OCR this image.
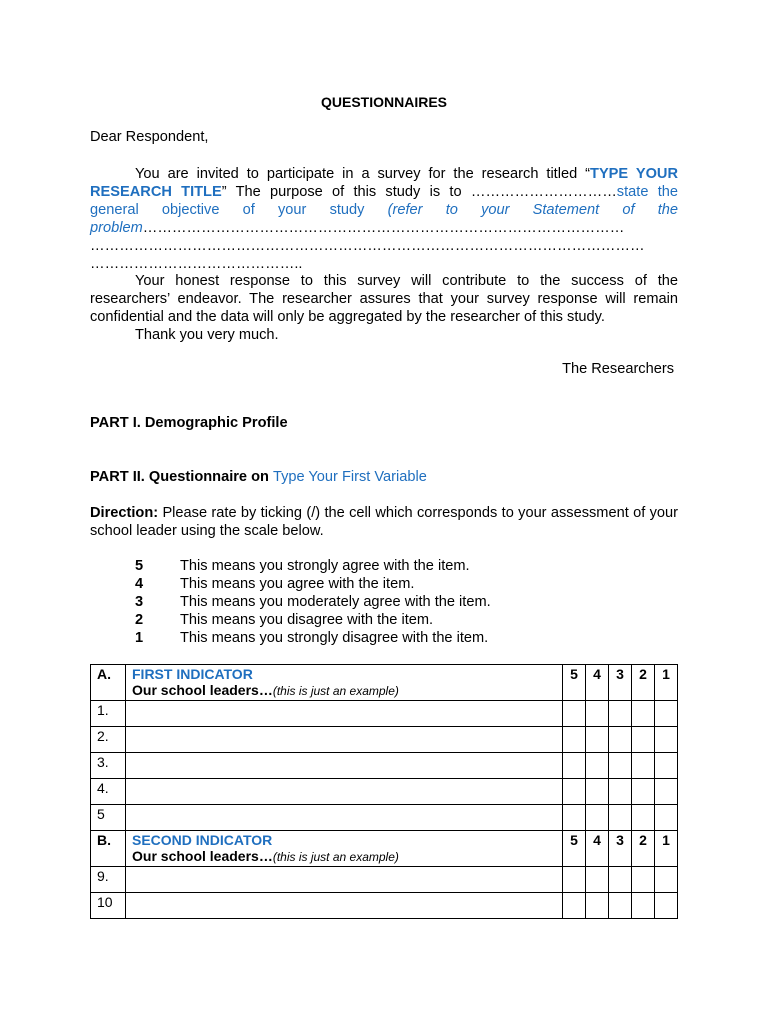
QUESTIONNAIRES
Dear Respondent,
You are invited to participate in a survey for the research titled “TYPE YOUR RESEARCH TITLE” The purpose of this study is to …………………………state the general objective of your study (refer to your Statement of the problem………………………………………………………………………………………
……………………………………………………………………………………………………
……………………………………..
Your honest response to this survey will contribute to the success of the researchers’ endeavor. The researcher assures that your survey response will remain confidential and the data will only be aggregated by the researcher of this study.
Thank you very much.
The Researchers
PART I. Demographic Profile
PART II. Questionnaire on Type Your First Variable
Direction: Please rate by ticking (/) the cell which corresponds to your assessment of your school leader using the scale below.
5	This means you strongly agree with the item.
4	This means you agree with the item.
3	This means you moderately agree with the item.
2	This means you disagree with the item.
1	This means you strongly disagree with the item.
A.	FIRST INDICATOR
Our school leaders…(this is just an example)	5	4	3	2	1
1.						
2.						
3.						
4.						
5						
B.	SECOND INDICATOR
Our school leaders…(this is just an example)	5	4	3	2	1
9.						
10						
